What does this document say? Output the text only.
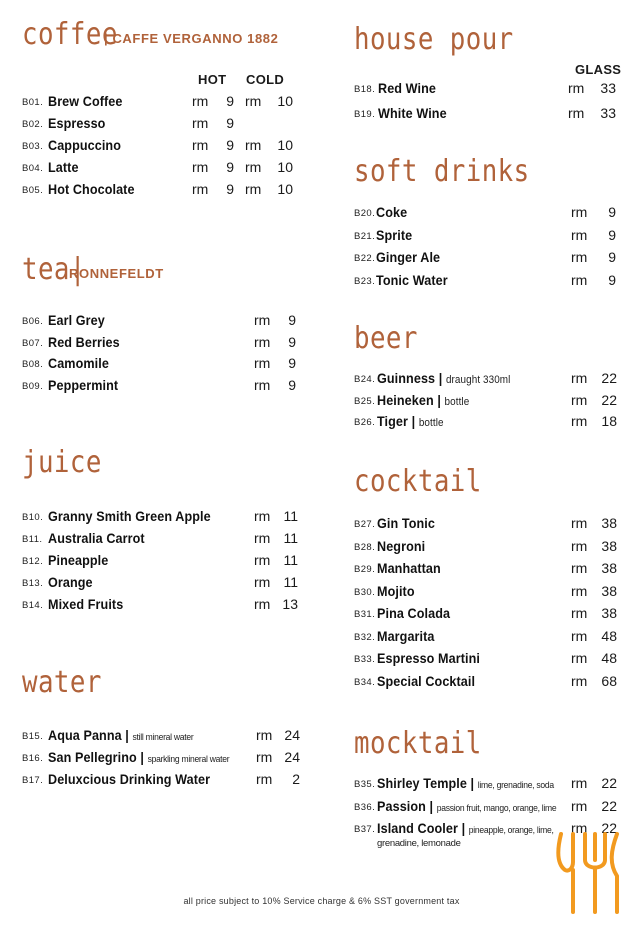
coffee
| CAFFE VERGANNO 1882
HOT COLD
B01. Brew Coffee	rm	9 rm	10
B02. Espresso	rm	9
B03. Cappuccino	rm	9 rm	10
B04. Latte	rm	9 rm	10
B05. Hot Chocolate	rm	9 rm	10
tea|
RONNEFELDT
B06. Earl Grey	rm	9
B07. Red Berries	rm	9
B08. Camomile	rm	9
B09. Peppermint	rm	9
juice
B10. Granny Smith Green Apple	rm 11
B11. Australia Carrot	rm 11
B12. Pineapple	rm 11
B13. Orange	rm 11
B14. Mixed Fruits	rm 13
water
B15. Aqua Panna | still mineral water	rm 24
B16. San Pellegrino | sparkling mineral water rm 24
B17. Deluxcious Drinking Water	rm	2
house pour
GLASS
B18. Red Wine	rm	33
B19. White Wine	rm	33
soft drinks
B20. Coke	rm	9
B21. Sprite	rm	9
B22. Ginger Ale	rm	9
B23. Tonic Water	rm	9
beer
B24. Guinness | draught 330ml	rm	22
B25. Heineken | bottle	rm	22
B26. Tiger | bottle	rm	18
cocktail
B27. Gin Tonic	rm	38
B28. Negroni	rm	38
B29. Manhattan	rm	38
B30. Mojito	rm	38
B31. Pina Colada	rm	38
B32. Margarita	rm	48
B33. Espresso Martini	rm	48
B34. Special Cocktail	rm	68
mocktail
B35. Shirley Temple | lime, grenadine, soda rm	22
B36. Passion | passion fruit, mango, orange, lime rm	22
B37. Island Cooler | pineapple, orange, lime, rm	22
grenadine, lemonade
all price subject to 10% Service charge & 6% SST government tax
